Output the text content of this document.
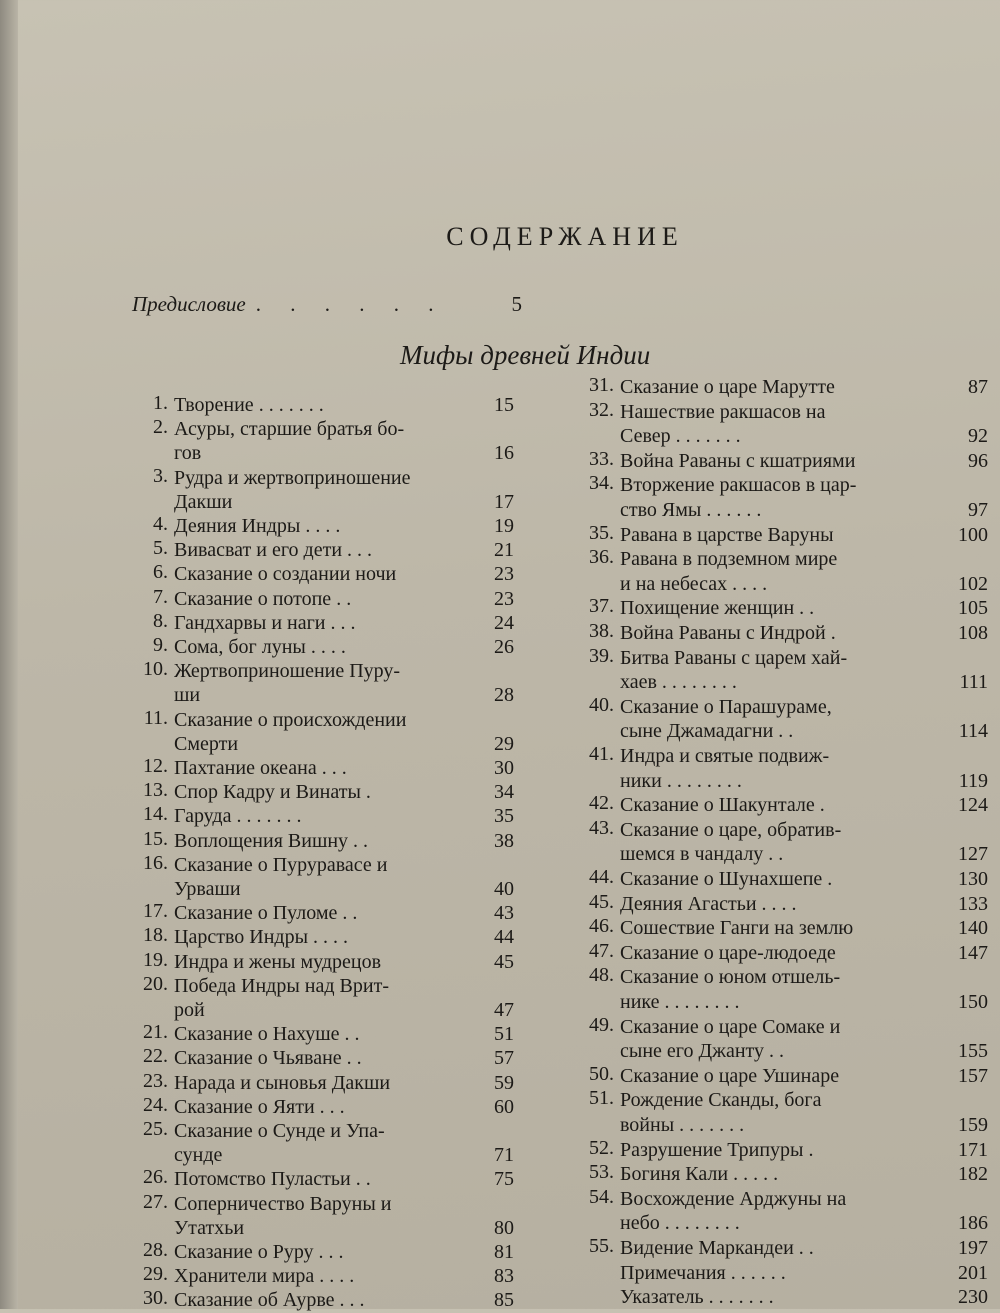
СОДЕРЖАНИЕ
Предисловие . . . . . .	5
Мифы древней Индии
1. Творение . . . . . . .	15
2. Асуры, старшие братья бо-
гов	16
3. Рудра и жертвоприношение
Дакши	17
4. Деяния Индры . . . .	19
5. Вивасват и его дети . . .	21
6. Сказание о создании ночи	23
7. Сказание о потопе . .	23
8. Гандхарвы и наги . . .	24
9. Сома, бог луны . . . .	26
10. Жертвоприношение Пуру-
ши	28
11. Сказание о происхождении
Смерти	29
12. Пахтание океана . . .	30
13. Спор Кадру и Винаты .	34
14. Гаруда . . . . . . .	35
15. Воплощения Вишну . .	38
16. Сказание о Пуруравасе и
Урваши	40
17. Сказание о Пуломе . .	43
18. Царство Индры . . . .	44
19. Индра и жены мудрецов	45
20. Победа Индры над Врит-
рой	47
21. Сказание о Нахуше . .	51
22. Сказание о Чьяване . .	57
23. Нарада и сыновья Дакши	59
24. Сказание о Яяти . . .	60
25. Сказание о Сунде и Упа-
сунде	71
26. Потомство Пуластьи . .	75
27. Соперничество Варуны и
Утатхьи	80
28. Сказание о Руру . . .	81
29. Хранители мира . . . .	83
30. Сказание об Аурве . . .	85
31. Сказание о царе Марутте	87
32. Нашествие ракшасов на
Север . . . . . . .	92
33. Война Раваны с кшатриями	96
34. Вторжение ракшасов в цар-
ство Ямы . . . . . .	97
35. Равана в царстве Варуны	100
36. Равана в подземном мире
и на небесах . . . .	102
37. Похищение женщин . .	105
38. Война Раваны с Индрой .	108
39. Битва Раваны с царем хай-
хаев . . . . . . . .	111
40. Сказание о Парашураме,
сыне Джамадагни . .	114
41. Индра и святые подвиж-
ники . . . . . . . .	119
42. Сказание о Шакунтале .	124
43. Сказание о царе, обратив-
шемся в чандалу . .	127
44. Сказание о Шунахшепе .	130
45. Деяния Агастьи . . . .	133
46. Сошествие Ганги на землю	140
47. Сказание о царе-людоеде	147
48. Сказание о юном отшель-
нике . . . . . . . .	150
49. Сказание о царе Сомаке и
сыне его Джанту . .	155
50. Сказание о царе Ушинаре	157
51. Рождение Сканды, бога
войны . . . . . . .	159
52. Разрушение Трипуры .	171
53. Богиня Кали . . . . .	182
54. Восхождение Арджуны на
небо . . . . . . . .	186
55. Видение Маркандеи . .	197
Примечания . . . . . .	201
Указатель . . . . . . .	230
